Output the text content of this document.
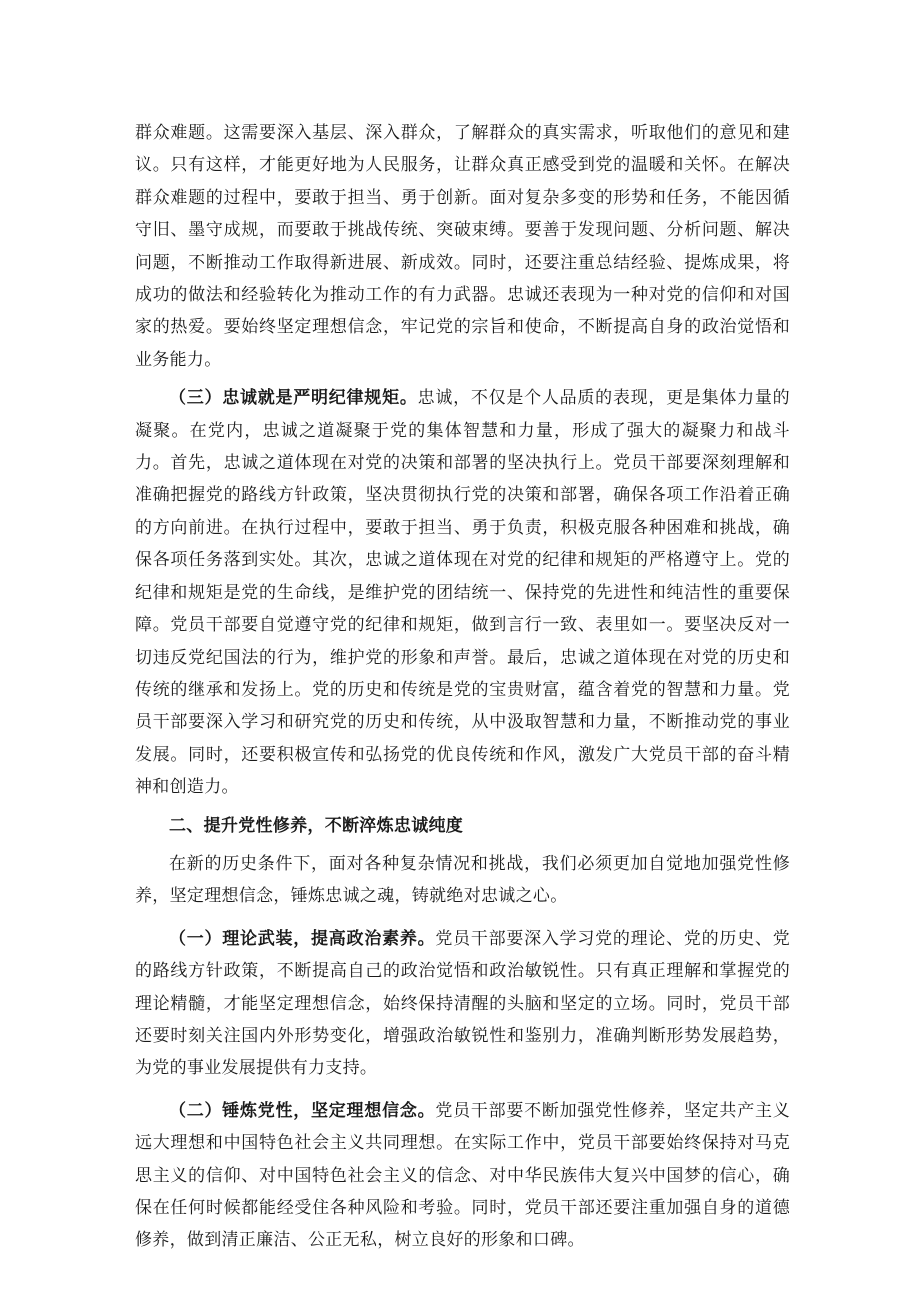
群众难题。这需要深入基层、深入群众，了解群众的真实需求，听取他们的意见和建议。只有这样，才能更好地为人民服务，让群众真正感受到党的温暖和关怀。在解决群众难题的过程中，要敢于担当、勇于创新。面对复杂多变的形势和任务，不能因循守旧、墨守成规，而要敢于挑战传统、突破束缚。要善于发现问题、分析问题、解决问题，不断推动工作取得新进展、新成效。同时，还要注重总结经验、提炼成果，将成功的做法和经验转化为推动工作的有力武器。忠诚还表现为一种对党的信仰和对国家的热爱。要始终坚定理想信念，牢记党的宗旨和使命，不断提高自身的政治觉悟和业务能力。

（三）忠诚就是严明纪律规矩。忠诚，不仅是个人品质的表现，更是集体力量的凝聚。在党内，忠诚之道凝聚于党的集体智慧和力量，形成了强大的凝聚力和战斗力。首先，忠诚之道体现在对党的决策和部署的坚决执行上。党员干部要深刻理解和准确把握党的路线方针政策，坚决贯彻执行党的决策和部署，确保各项工作沿着正确的方向前进。在执行过程中，要敢于担当、勇于负责，积极克服各种困难和挑战，确保各项任务落到实处。其次，忠诚之道体现在对党的纪律和规矩的严格遵守上。党的纪律和规矩是党的生命线，是维护党的团结统一、保持党的先进性和纯洁性的重要保障。党员干部要自觉遵守党的纪律和规矩，做到言行一致、表里如一。要坚决反对一切违反党纪国法的行为，维护党的形象和声誉。最后，忠诚之道体现在对党的历史和传统的继承和发扬上。党的历史和传统是党的宝贵财富，蕴含着党的智慧和力量。党员干部要深入学习和研究党的历史和传统，从中汲取智慧和力量，不断推动党的事业发展。同时，还要积极宣传和弘扬党的优良传统和作风，激发广大党员干部的奋斗精神和创造力。

二、提升党性修养，不断淬炼忠诚纯度

在新的历史条件下，面对各种复杂情况和挑战，我们必须更加自觉地加强党性修养，坚定理想信念，锤炼忠诚之魂，铸就绝对忠诚之心。

（一）理论武装，提高政治素养。党员干部要深入学习党的理论、党的历史、党的路线方针政策，不断提高自己的政治觉悟和政治敏锐性。只有真正理解和掌握党的理论精髓，才能坚定理想信念，始终保持清醒的头脑和坚定的立场。同时，党员干部还要时刻关注国内外形势变化，增强政治敏锐性和鉴别力，准确判断形势发展趋势，为党的事业发展提供有力支持。

（二）锤炼党性，坚定理想信念。党员干部要不断加强党性修养，坚定共产主义远大理想和中国特色社会主义共同理想。在实际工作中，党员干部要始终保持对马克思主义的信仰、对中国特色社会主义的信念、对中华民族伟大复兴中国梦的信心，确保在任何时候都能经受住各种风险和考验。同时，党员干部还要注重加强自身的道德修养，做到清正廉洁、公正无私，树立良好的形象和口碑。
